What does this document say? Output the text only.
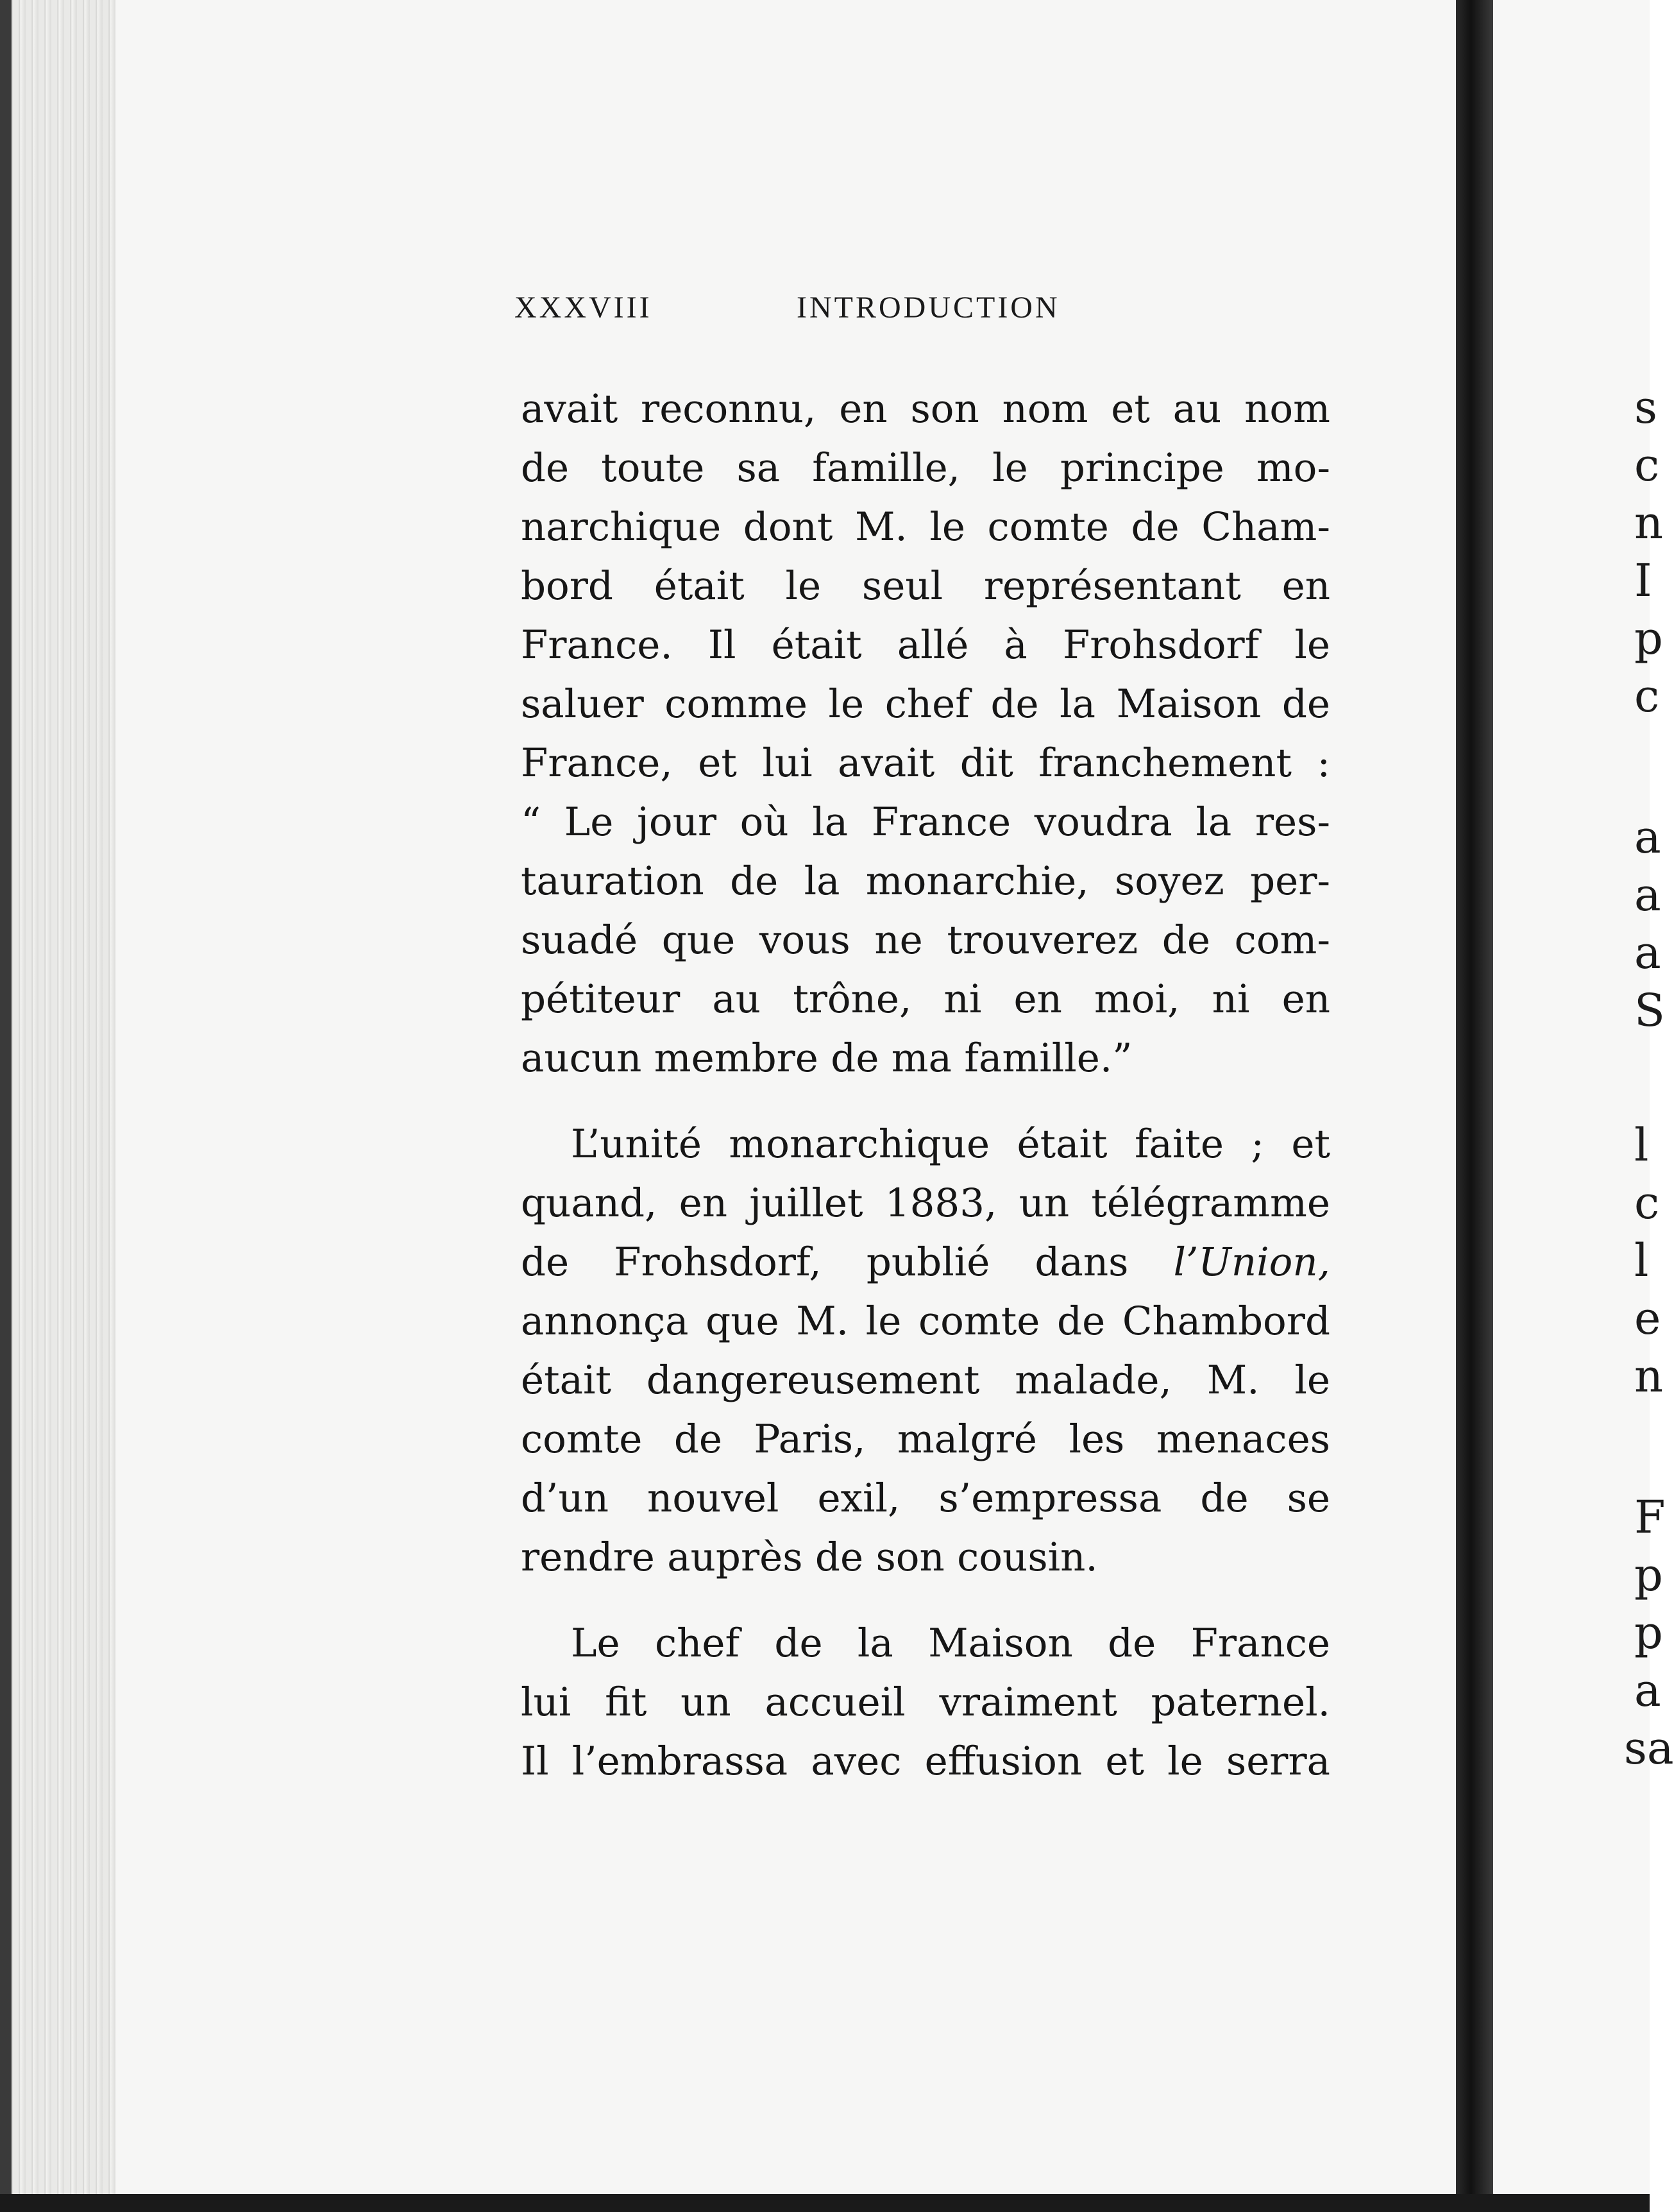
XXXVIII	INTRODUCTION

avait reconnu, en son nom et au nom
de toute sa famille, le principe mo-
narchique dont M. le comte de Cham-
bord était le seul représentant en
France. Il était allé à Frohsdorf le
saluer comme le chef de la Maison de
France, et lui avait dit franchement :
“ Le jour où la France voudra la res-
tauration de la monarchie, soyez per-
suadé que vous ne trouverez de com-
pétiteur au trône, ni en moi, ni en
aucun membre de ma famille.”

L’unité monarchique était faite ; et
quand, en juillet 1883, un télégramme
de Frohsdorf, publié dans l’Union,
annonça que M. le comte de Chambord
était dangereusement malade, M. le
comte de Paris, malgré les menaces
d’un nouvel exil, s’empressa de se
rendre auprès de son cousin.

Le chef de la Maison de France
lui fit un accueil vraiment paternel.
Il l’embrassa avec effusion et le serra

s
c
n
I
p
c
a
a
a
S
l
c
l
e
n
F
p
p
a
sa
